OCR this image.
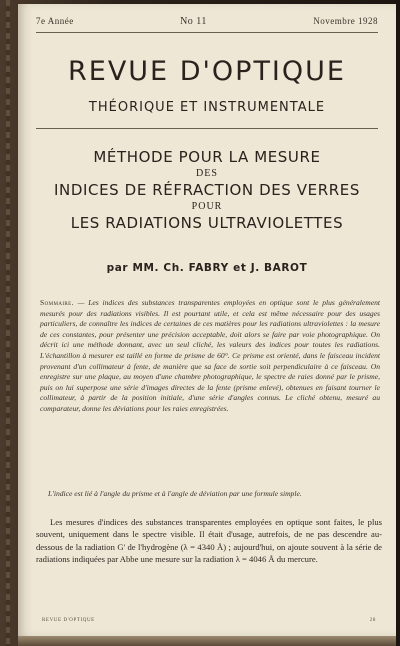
7e Année	No 11	Novembre 1928
REVUE D'OPTIQUE
THÉORIQUE ET INSTRUMENTALE
MÉTHODE POUR LA MESURE
DES
INDICES DE RÉFRACTION DES VERRES
POUR
LES RADIATIONS ULTRAVIOLETTES
par MM. Ch. FABRY et J. BAROT

Sommaire. — Les indices des substances transparentes employées en optique sont le plus généralement mesurés pour des radiations visibles. Il est pourtant utile, et cela est même nécessaire pour des usages particuliers, de connaître les indices de certaines de ces matières pour les radiations ultraviolettes : la mesure de ces constantes, pour présenter une précision acceptable, doit alors se faire par voie photographique. On décrit ici une méthode donnant, avec un seul cliché, les valeurs des indices pour toutes les radiations. L'échantillon à mesurer est taillé en forme de prisme de 60°. Ce prisme est orienté, dans le faisceau incident provenant d'un collimateur à fente, de manière que sa face de sortie soit perpendiculaire à ce faisceau. On enregistre sur une plaque, au moyen d'une chambre photographique, le spectre de raies donné par le prisme, puis on lui superpose une série d'images directes de la fente (prisme enlevé), obtenues en faisant tourner le collimateur, à partir de la position initiale, d'une série d'angles connus. Le cliché obtenu, mesuré au comparateur, donne les déviations pour les raies enregistrées.

L'indice est lié à l'angle du prisme et à l'angle de déviation par une formule simple.

Les mesures d'indices des substances transparentes employées en optique sont faites, le plus souvent, uniquement dans le spectre visible. Il était d'usage, autrefois, de ne pas descendre au-dessous de la radiation G' de l'hydrogène (λ = 4340 Å) ; aujourd'hui, on ajoute souvent à la série de radiations indiquées par Abbe une mesure sur la radiation λ = 4046 Å du mercure.

REVUE D'OPTIQUE	28
